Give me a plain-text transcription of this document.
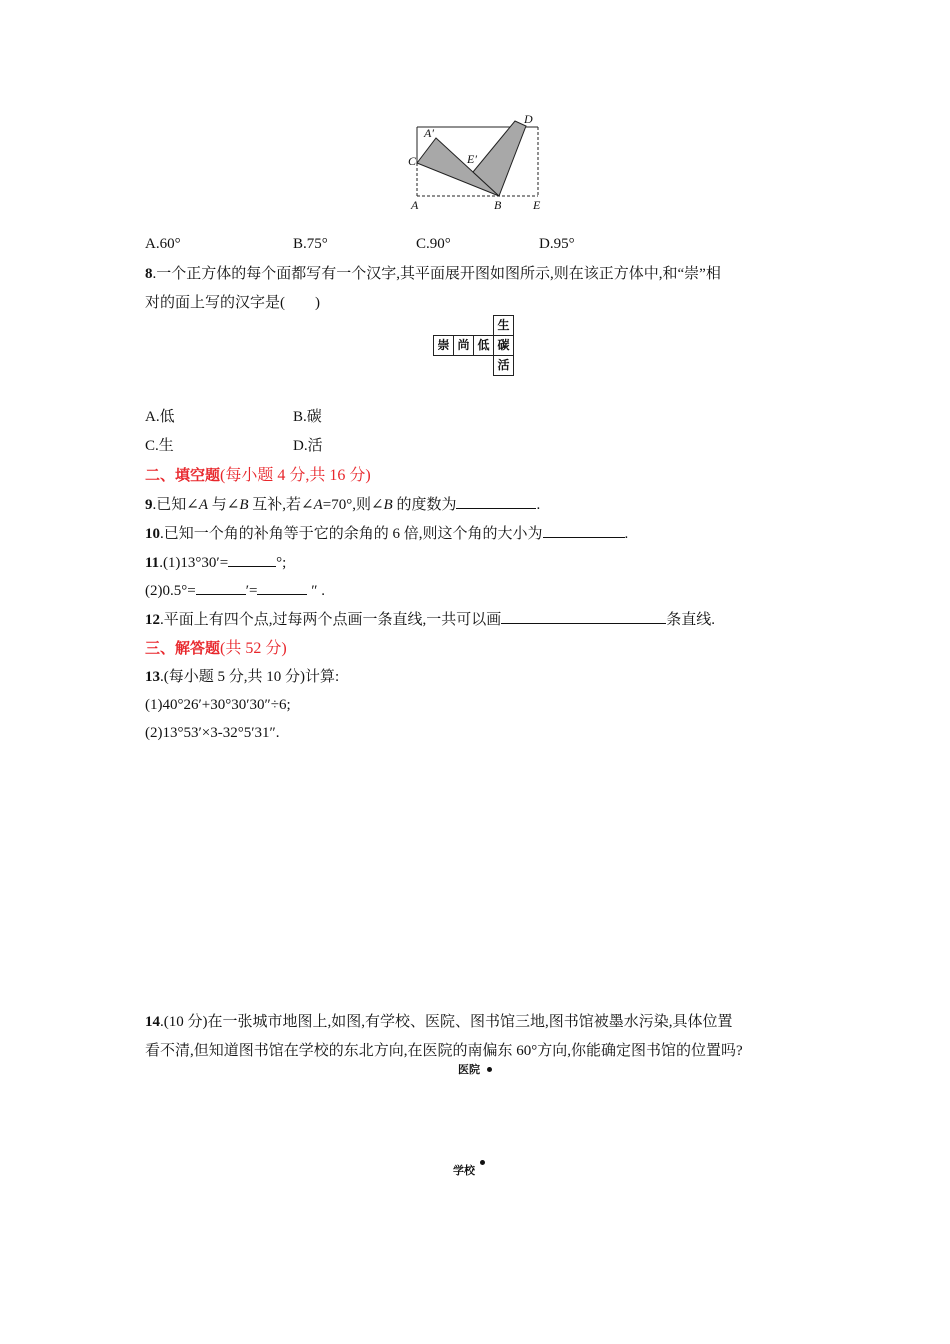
C
A′
E′
D
A	B	E
A.60°	B.75°	C.90°	D.95°
8.一个正方体的每个面都写有一个汉字,其平面展开图如图所示,则在该正方体中,和“崇”相
对的面上写的汉字是(　　)
生
崇 尚 低 碳
活
A.低	B.碳
C.生	D.活
二、填空题(每小题 4 分,共 16 分)
9.已知∠A 与∠B 互补,若∠A=70°,则∠B 的度数为	.
10.已知一个角的补角等于它的余角的 6 倍,则这个角的大小为	.
11.(1)13°30′=	°;
(2)0.5°=	′=	″ .
12.平面上有四个点,过每两个点画一条直线,一共可以画	条直线.
三、解答题(共 52 分)
13.(每小题 5 分,共 10 分)计算:
(1)40°26′+30°30′30″÷6;
(2)13°53′×3-32°5′31″.
14.(10 分)在一张城市地图上,如图,有学校、医院、图书馆三地,图书馆被墨水污染,具体位置
看不清,但知道图书馆在学校的东北方向,在医院的南偏东 60°方向,你能确定图书馆的位置吗?
医院
学校
